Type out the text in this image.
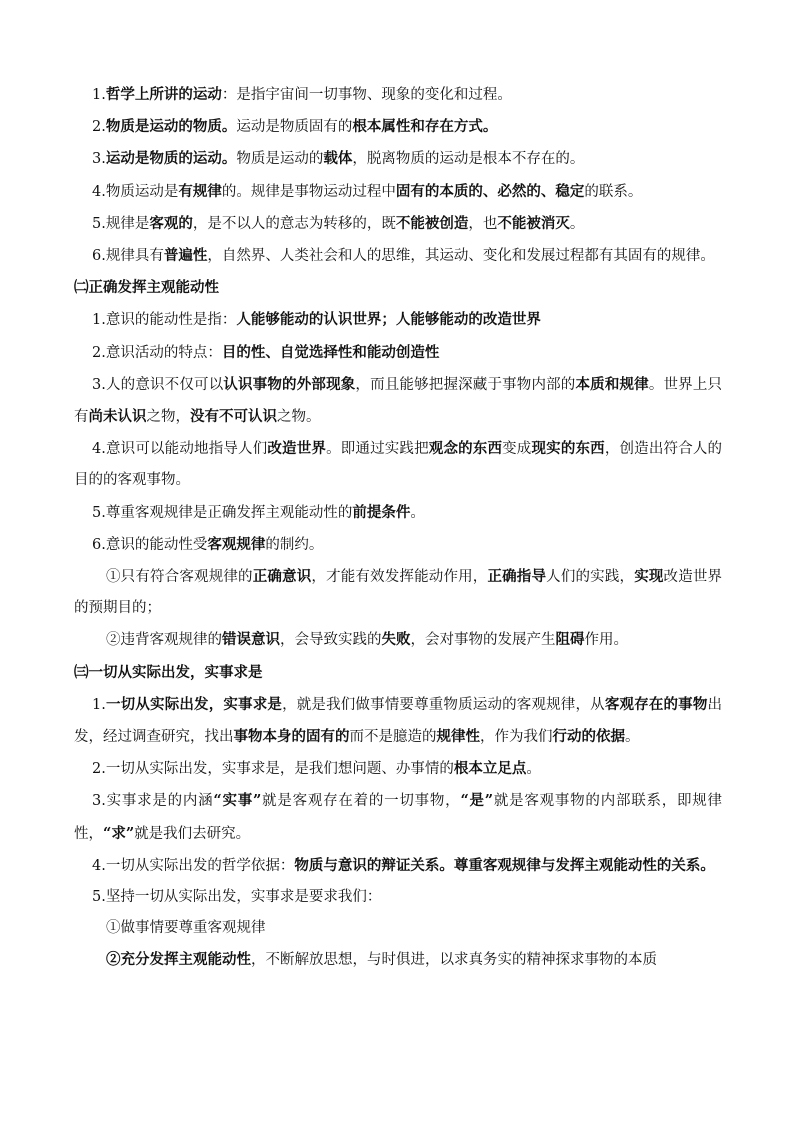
1.哲学上所讲的运动：是指宇宙间一切事物、现象的变化和过程。

2.物质是运动的物质。运动是物质固有的根本属性和存在方式。

3.运动是物质的运动。物质是运动的载体，脱离物质的运动是根本不存在的。

4.物质运动是有规律的。规律是事物运动过程中固有的本质的、必然的、稳定的联系。

5.规律是客观的，是不以人的意志为转移的，既不能被创造，也不能被消灭。

6.规律具有普遍性，自然界、人类社会和人的思维，其运动、变化和发展过程都有其固有的规律。

㈡正确发挥主观能动性

1.意识的能动性是指：人能够能动的认识世界；人能够能动的改造世界

2.意识活动的特点：目的性、自觉选择性和能动创造性

3.人的意识不仅可以认识事物的外部现象，而且能够把握深藏于事物内部的本质和规律。世界上只有尚未认识之物，没有不可认识之物。

4.意识可以能动地指导人们改造世界。即通过实践把观念的东西变成现实的东西，创造出符合人的目的的客观事物。

5.尊重客观规律是正确发挥主观能动性的前提条件。

6.意识的能动性受客观规律的制约。

①只有符合客观规律的正确意识，才能有效发挥能动作用，正确指导人们的实践，实现改造世界的预期目的；

②违背客观规律的错误意识，会导致实践的失败，会对事物的发展产生阻碍作用。

㈢一切从实际出发，实事求是

1.一切从实际出发，实事求是，就是我们做事情要尊重物质运动的客观规律，从客观存在的事物出发，经过调查研究，找出事物本身的固有的而不是臆造的规律性，作为我们行动的依据。

2.一切从实际出发，实事求是，是我们想问题、办事情的根本立足点。

3.实事求是的内涵“实事”就是客观存在着的一切事物，“是”就是客观事物的内部联系，即规律性，“求”就是我们去研究。

4.一切从实际出发的哲学依据：物质与意识的辩证关系。尊重客观规律与发挥主观能动性的关系。

5.坚持一切从实际出发，实事求是要求我们：

①做事情要尊重客观规律

②充分发挥主观能动性，不断解放思想，与时俱进，以求真务实的精神探求事物的本质
